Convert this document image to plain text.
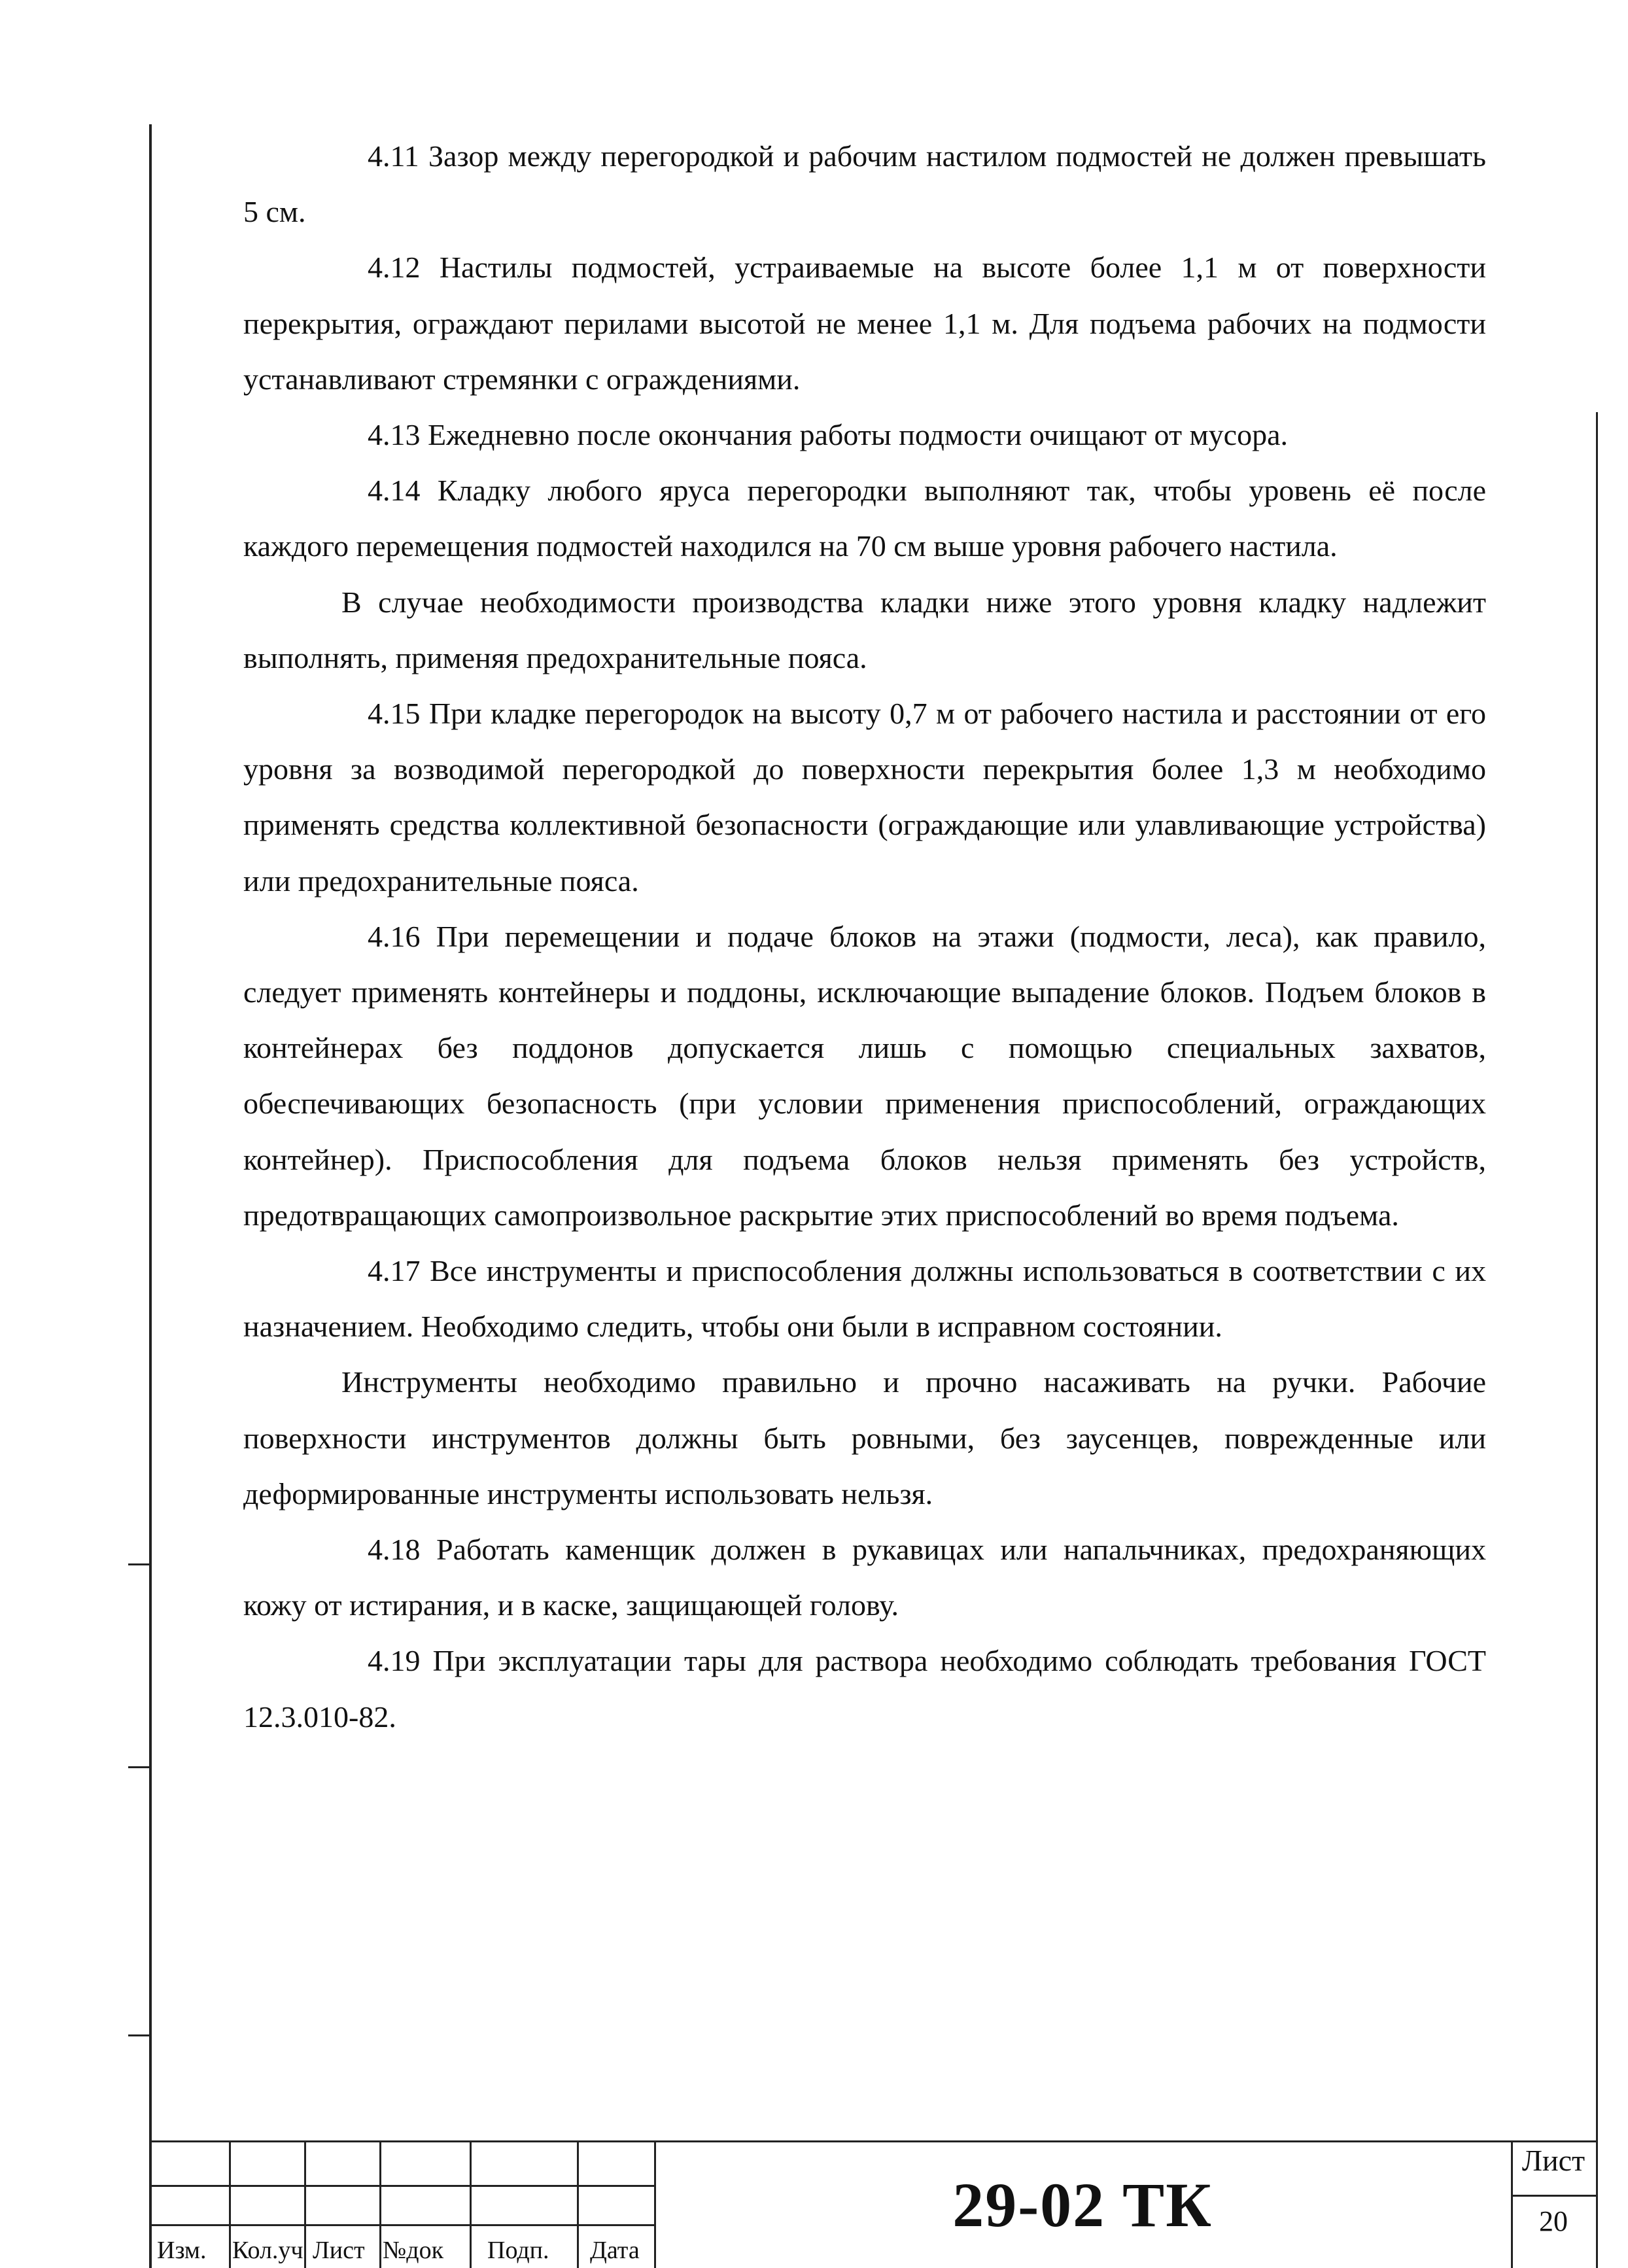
4.11 Зазор между перегородкой и рабочим настилом подмостей не должен превышать 5 см.

4.12 Настилы подмостей, устраиваемые на высоте более 1,1 м от поверхности перекрытия, ограждают перилами высотой не менее 1,1 м. Для подъема рабочих на подмости устанавливают стремянки с ограждениями.

4.13 Ежедневно после окончания работы подмости очищают от мусора.

4.14 Кладку любого яруса перегородки выполняют так, чтобы уровень её после каждого перемещения подмостей находился на 70 см выше уровня рабочего настила.

В случае необходимости производства кладки ниже этого уровня кладку надлежит выполнять, применяя предохранительные пояса.

4.15 При кладке перегородок на высоту 0,7 м от рабочего настила и расстоянии от его уровня за возводимой перегородкой до поверхности перекрытия более 1,3 м необходимо применять средства коллективной безопасности (ограждающие или улавливающие устройства) или предохранительные пояса.

4.16 При перемещении и подаче блоков на этажи (подмости, леса), как правило, следует применять контейнеры и поддоны, исключающие выпадение блоков. Подъем блоков в контейнерах без поддонов допускается лишь с помощью специальных захватов, обеспечивающих безопасность (при условии применения приспособлений, ограждающих контейнер). Приспособления для подъема блоков нельзя применять без устройств, предотвращающих самопроизвольное раскрытие этих приспособлений во время подъема.

4.17 Все инструменты и приспособления должны использоваться в соответствии с их назначением. Необходимо следить, чтобы они были в исправном состоянии.

Инструменты необходимо правильно и прочно насаживать на ручки. Рабочие поверхности инструментов должны быть ровными, без заусенцев, поврежденные или деформированные инструменты использовать нельзя.

4.18 Работать каменщик должен в рукавицах или напальчниках, предохраняющих кожу от истирания, и в каске, защищающей голову.

4.19 При эксплуатации тары для раствора необходимо соблюдать требования ГОСТ 12.3.010-82.

Изм. Кол.уч Лист №док Подп. Дата
29-02 ТК
Лист
20
